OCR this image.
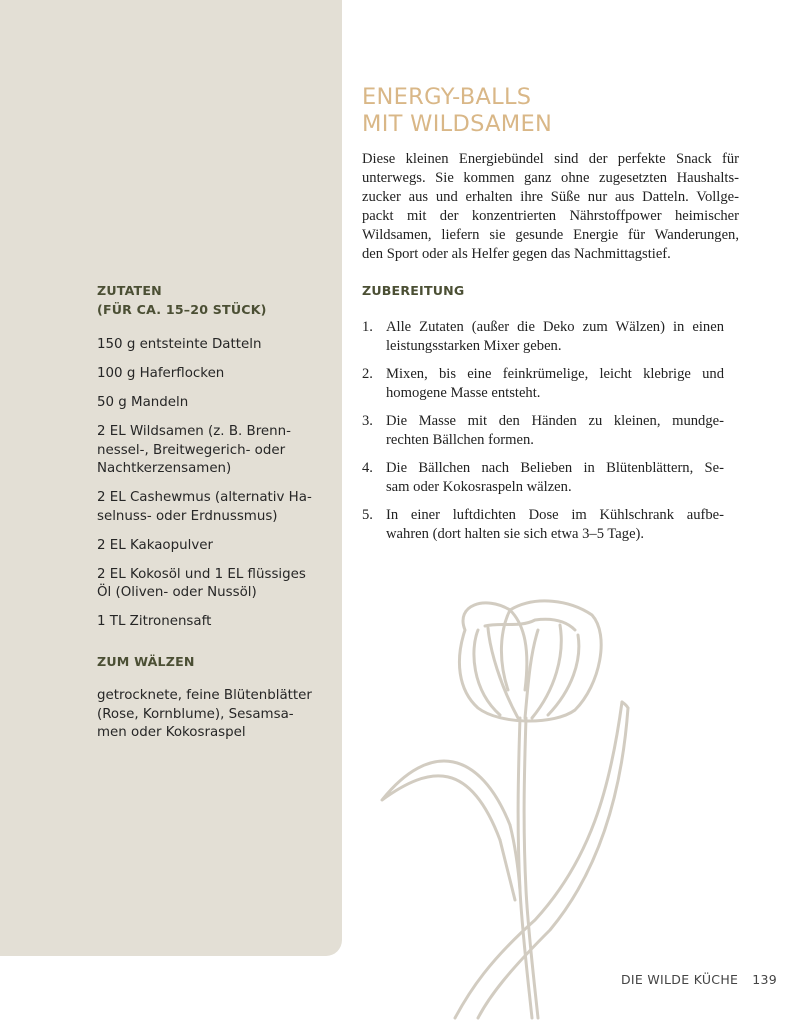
ZUTATEN
(FÜR CA. 15–20 STÜCK)

150 g entsteinte Datteln
100 g Haferflocken
50 g Mandeln
2 EL Wildsamen (z. B. Brenn-
nessel-, Breitwegerich- oder
Nachtkerzensamen)
2 EL Cashewmus (alternativ Ha-
selnuss- oder Erdnussmus)
2 EL Kakaopulver
2 EL Kokosöl und 1 EL flüssiges
Öl (Oliven- oder Nussöl)
1 TL Zitronensaft

ZUM WÄLZEN

getrocknete, feine Blütenblätter
(Rose, Kornblume), Sesamsa-
men oder Kokosraspel

ENERGY-BALLS
MIT WILDSAMEN

Diese kleinen Energiebündel sind der perfekte Snack für
unterwegs. Sie kommen ganz ohne zugesetzten Haushalts-
zucker aus und erhalten ihre Süße nur aus Datteln. Vollge-
packt mit der konzentrierten Nährstoffpower heimischer
Wildsamen, liefern sie gesunde Energie für Wanderungen,
den Sport oder als Helfer gegen das Nachmittagstief.

ZUBEREITUNG

1. Alle Zutaten (außer die Deko zum Wälzen) in einen
leistungsstarken Mixer geben.
2. Mixen, bis eine feinkrümelige, leicht klebrige und
homogene Masse entsteht.
3. Die Masse mit den Händen zu kleinen, mundge-
rechten Bällchen formen.
4. Die Bällchen nach Belieben in Blütenblättern, Se-
sam oder Kokosraspeln wälzen.
5. In einer luftdichten Dose im Kühlschrank aufbe-
wahren (dort halten sie sich etwa 3–5 Tage).
DIE WILDE KÜCHE 139
